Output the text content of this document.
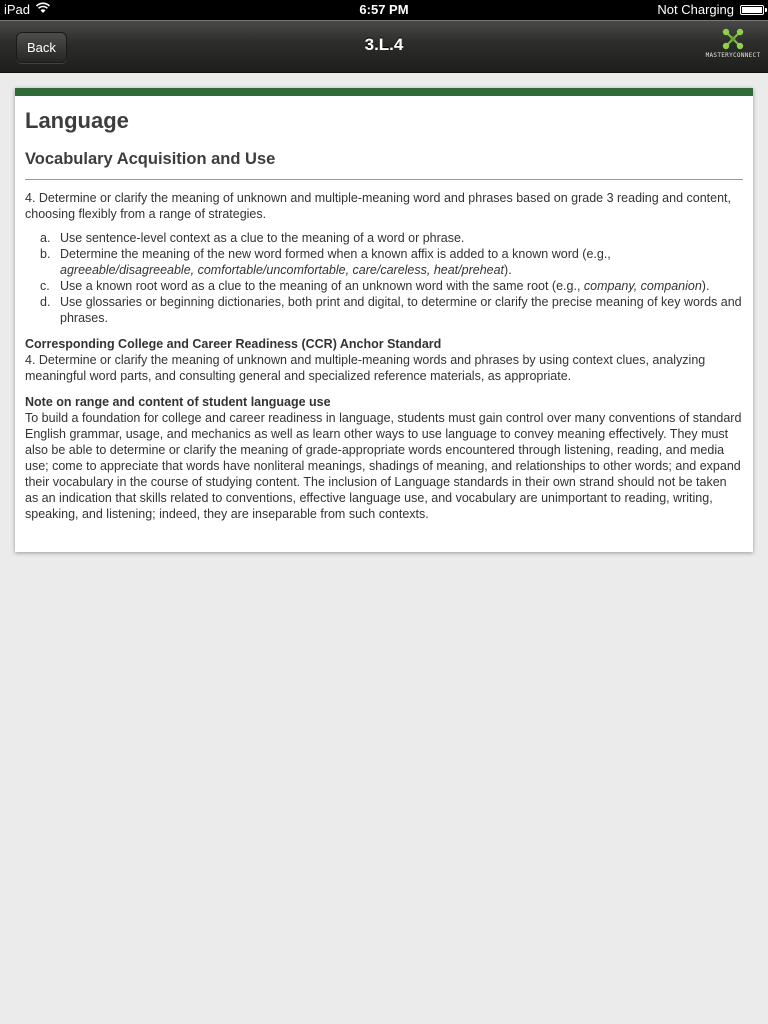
iPad	6:57 PM	Not Charging
Back	3.L.4
MASTERYCONNECT
Language
Vocabulary Acquisition and Use

4. Determine or clarify the meaning of unknown and multiple-meaning word and phrases based on grade 3 reading and content, choosing flexibly from a range of strategies.

a. Use sentence-level context as a clue to the meaning of a word or phrase.
b. Determine the meaning of the new word formed when a known affix is added to a known word (e.g., agreeable/disagreeable, comfortable/uncomfortable, care/careless, heat/preheat).
c. Use a known root word as a clue to the meaning of an unknown word with the same root (e.g., company, companion).
d. Use glossaries or beginning dictionaries, both print and digital, to determine or clarify the precise meaning of key words and phrases.

Corresponding College and Career Readiness (CCR) Anchor Standard

4. Determine or clarify the meaning of unknown and multiple-meaning words and phrases by using context clues, analyzing meaningful word parts, and consulting general and specialized reference materials, as appropriate.

Note on range and content of student language use

To build a foundation for college and career readiness in language, students must gain control over many conventions of standard English grammar, usage, and mechanics as well as learn other ways to use language to convey meaning effectively. They must also be able to determine or clarify the meaning of grade-appropriate words encountered through listening, reading, and media use; come to appreciate that words have nonliteral meanings, shadings of meaning, and relationships to other words; and expand their vocabulary in the course of studying content. The inclusion of Language standards in their own strand should not be taken as an indication that skills related to conventions, effective language use, and vocabulary are unimportant to reading, writing, speaking, and listening; indeed, they are inseparable from such contexts.
